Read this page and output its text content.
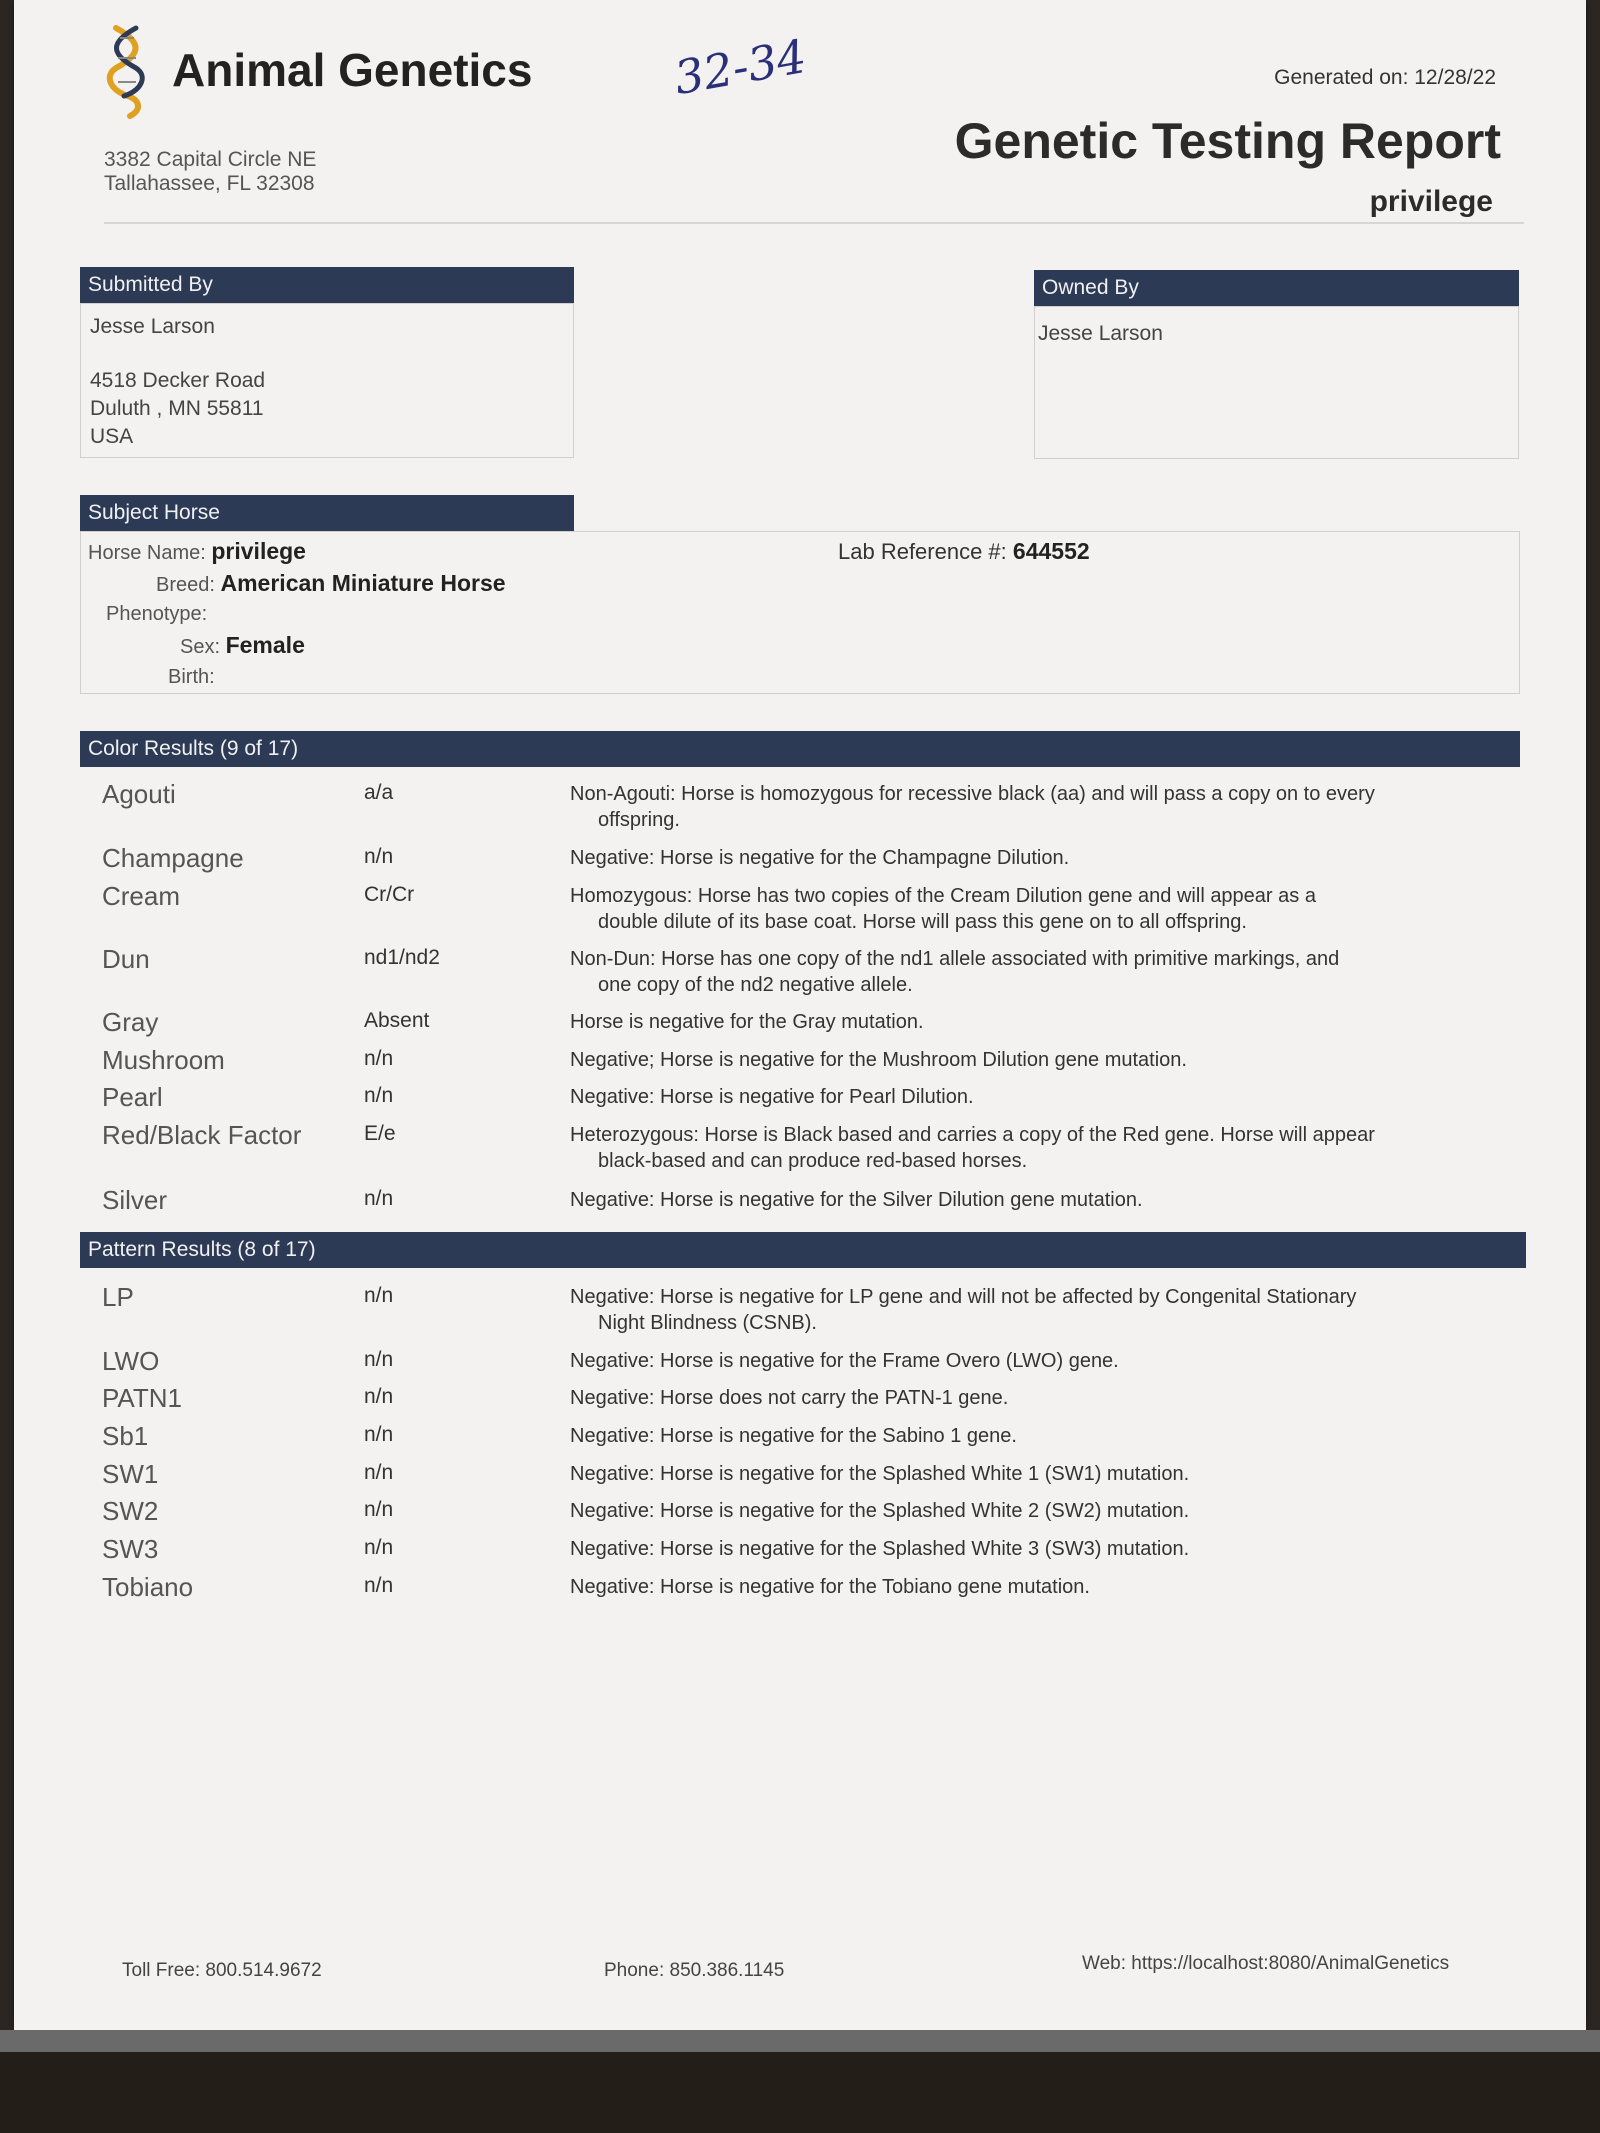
Animal Genetics
3382 Capital Circle NE
Tallahassee, FL 32308
32-34	Generated on: 12/28/22
Genetic Testing Report
privilege
Submitted By
Jesse Larson
4518 Decker Road
Duluth , MN 55811
USA
Owned By
Jesse Larson
Subject Horse
Horse Name: privilege
Breed: American Miniature Horse
Phenotype:
Sex: Female
Birth:
Lab Reference #: 644552
Color Results (9 of 17)
Agouti	a/a	Non-Agouti: Horse is homozygous for recessive black (aa) and will pass a copy on to every
offspring.
Champagne	n/n	Negative: Horse is negative for the Champagne Dilution.
Cream	Cr/Cr	Homozygous: Horse has two copies of the Cream Dilution gene and will appear as a
double dilute of its base coat. Horse will pass this gene on to all offspring.
Dun	nd1/nd2	Non-Dun: Horse has one copy of the nd1 allele associated with primitive markings, and
one copy of the nd2 negative allele.
Gray	Absent	Horse is negative for the Gray mutation.
Mushroom	n/n	Negative; Horse is negative for the Mushroom Dilution gene mutation.
Pearl	n/n	Negative: Horse is negative for Pearl Dilution.
Red/Black Factor	E/e	Heterozygous: Horse is Black based and carries a copy of the Red gene. Horse will appear
black-based and can produce red-based horses.
Silver	n/n	Negative: Horse is negative for the Silver Dilution gene mutation.
Pattern Results (8 of 17)
LP	n/n	Negative: Horse is negative for LP gene and will not be affected by Congenital Stationary
Night Blindness (CSNB).
LWO	n/n	Negative: Horse is negative for the Frame Overo (LWO) gene.
PATN1	n/n	Negative: Horse does not carry the PATN-1 gene.
Sb1	n/n	Negative: Horse is negative for the Sabino 1 gene.
SW1	n/n	Negative: Horse is negative for the Splashed White 1 (SW1) mutation.
SW2	n/n	Negative: Horse is negative for the Splashed White 2 (SW2) mutation.
SW3	n/n	Negative: Horse is negative for the Splashed White 3 (SW3) mutation.
Tobiano	n/n	Negative: Horse is negative for the Tobiano gene mutation.
Toll Free: 800.514.9672	Phone: 850.386.1145	Web: https://localhost:8080/AnimalGenetics
